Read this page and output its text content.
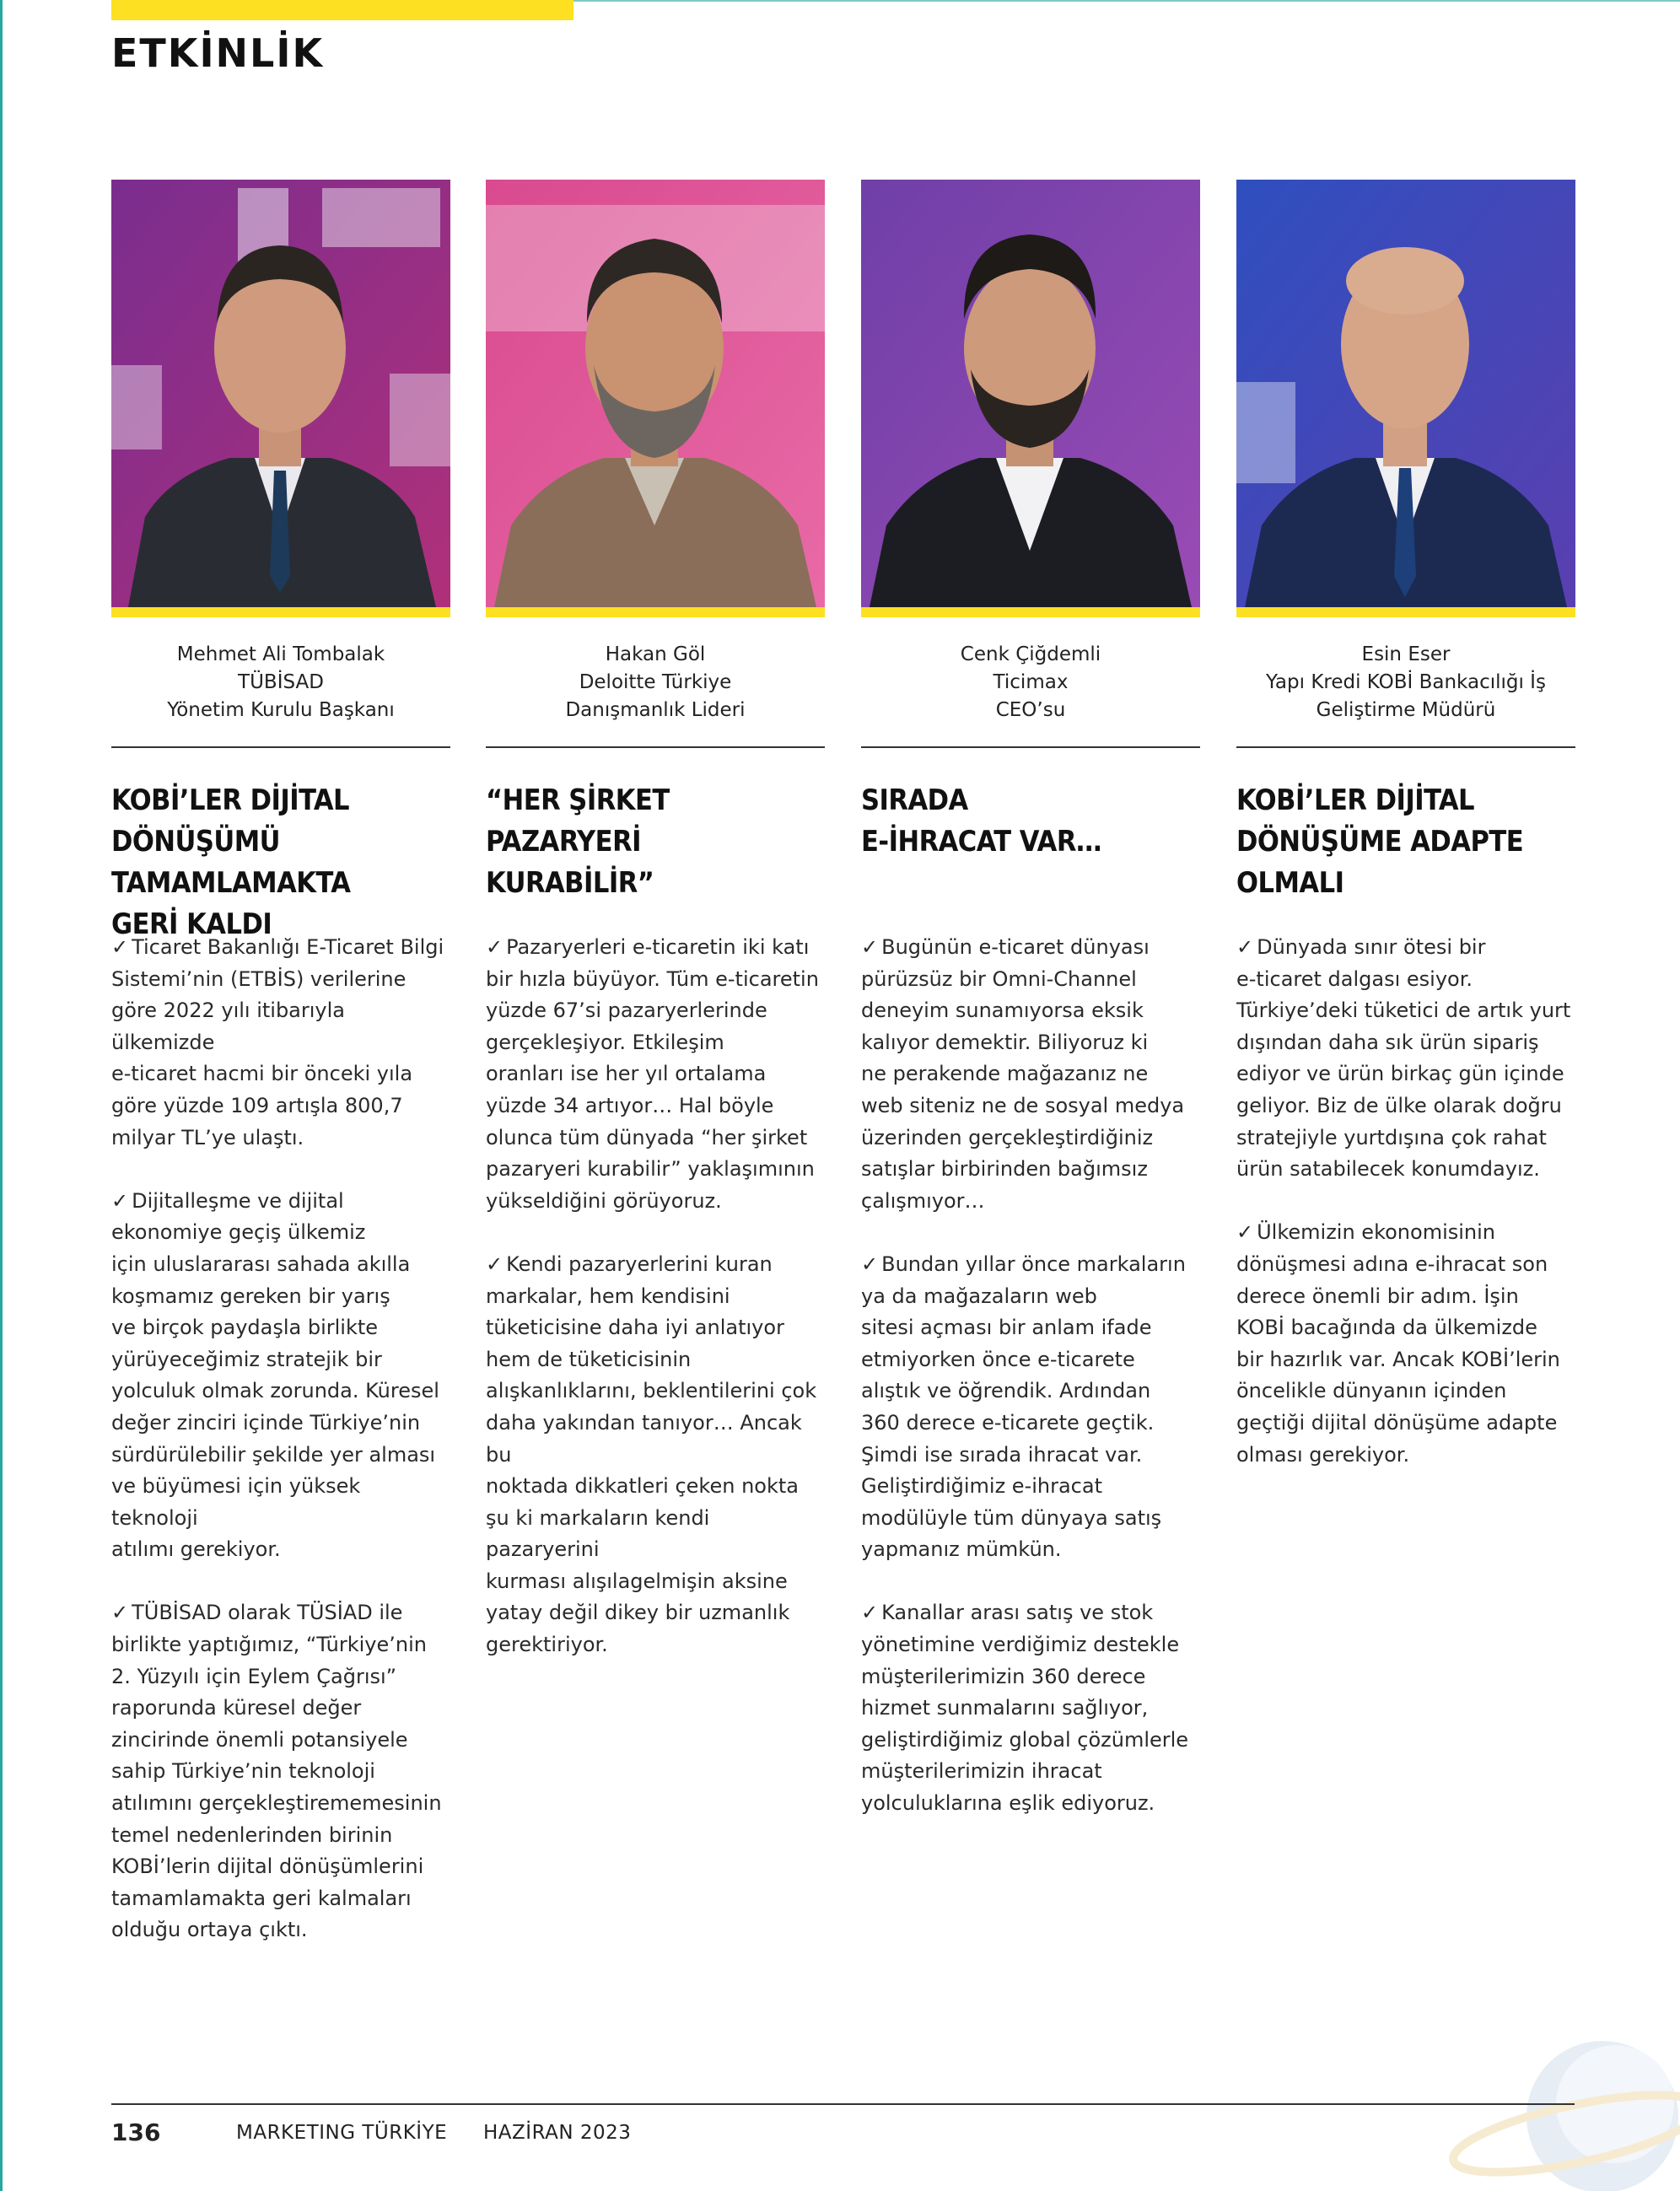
ETKİNLİK
Mehmet Ali Tombalak
TÜBİSAD
Yönetim Kurulu Başkanı
KOBİ’LER DİJİTAL
DÖNÜŞÜMÜ TAMAMLAMAKTA
GERİ KALDI
✓ Ticaret Bakanlığı E-Ticaret Bilgi
Sistemi’nin (ETBİS) verilerine
göre 2022 yılı itibarıyla ülkemizde
e-ticaret hacmi bir önceki yıla
göre yüzde 109 artışla 800,7
milyar TL’ye ulaştı.
✓ Dijitalleşme ve dijital
ekonomiye geçiş ülkemiz
için uluslararası sahada akılla
koşmamız gereken bir yarış
ve birçok paydaşla birlikte
yürüyeceğimiz stratejik bir
yolculuk olmak zorunda. Küresel
değer zinciri içinde Türkiye’nin
sürdürülebilir şekilde yer alması
ve büyümesi için yüksek teknoloji
atılımı gerekiyor.
✓ TÜBİSAD olarak TÜSİAD ile
birlikte yaptığımız, “Türkiye’nin
2. Yüzyılı için Eylem Çağrısı”
raporunda küresel değer
zincirinde önemli potansiyele
sahip Türkiye’nin teknoloji
atılımını gerçekleştirememesinin
temel nedenlerinden birinin
KOBİ’lerin dijital dönüşümlerini
tamamlamakta geri kalmaları
olduğu ortaya çıktı.
Hakan Göl
Deloitte Türkiye
Danışmanlık Lideri
“HER ŞİRKET
PAZARYERİ
KURABİLİR”
✓ Pazaryerleri e-ticaretin iki katı
bir hızla büyüyor. Tüm e-ticaretin
yüzde 67’si pazaryerlerinde
gerçekleşiyor. Etkileşim
oranları ise her yıl ortalama
yüzde 34 artıyor… Hal böyle
olunca tüm dünyada “her şirket
pazaryeri kurabilir” yaklaşımının
yükseldiğini görüyoruz.
✓ Kendi pazaryerlerini kuran
markalar, hem kendisini
tüketicisine daha iyi anlatıyor
hem de tüketicisinin
alışkanlıklarını, beklentilerini çok
daha yakından tanıyor… Ancak bu
noktada dikkatleri çeken nokta
şu ki markaların kendi pazaryerini
kurması alışılagelmişin aksine
yatay değil dikey bir uzmanlık
gerektiriyor.
Cenk Çiğdemli
Ticimax
CEO’su
SIRADA
E-İHRACAT VAR…
✓ Bugünün e-ticaret dünyası
pürüzsüz bir Omni-Channel
deneyim sunamıyorsa eksik
kalıyor demektir. Biliyoruz ki
ne perakende mağazanız ne
web siteniz ne de sosyal medya
üzerinden gerçekleştirdiğiniz
satışlar birbirinden bağımsız
çalışmıyor…
✓ Bundan yıllar önce markaların
ya da mağazaların web
sitesi açması bir anlam ifade
etmiyorken önce e-ticarete
alıştık ve öğrendik. Ardından
360 derece e-ticarete geçtik.
Şimdi ise sırada ihracat var.
Geliştirdiğimiz e-ihracat
modülüyle tüm dünyaya satış
yapmanız mümkün.
✓ Kanallar arası satış ve stok
yönetimine verdiğimiz destekle
müşterilerimizin 360 derece
hizmet sunmalarını sağlıyor,
geliştirdiğimiz global çözümlerle
müşterilerimizin ihracat
yolculuklarına eşlik ediyoruz.
Esin Eser
Yapı Kredi KOBİ Bankacılığı İş
Geliştirme Müdürü
KOBİ’LER DİJİTAL
DÖNÜŞÜME ADAPTE
OLMALI
✓ Dünyada sınır ötesi bir
e-ticaret dalgası esiyor.
Türkiye’deki tüketici de artık yurt
dışından daha sık ürün sipariş
ediyor ve ürün birkaç gün içinde
geliyor. Biz de ülke olarak doğru
stratejiyle yurtdışına çok rahat
ürün satabilecek konumdayız.
✓ Ülkemizin ekonomisinin
dönüşmesi adına e-ihracat son
derece önemli bir adım. İşin
KOBİ bacağında da ülkemizde
bir hazırlık var. Ancak KOBİ’lerin
öncelikle dünyanın içinden
geçtiği dijital dönüşüme adapte
olması gerekiyor.
136	MARKETING TÜRKİYE HAZİRAN 2023
